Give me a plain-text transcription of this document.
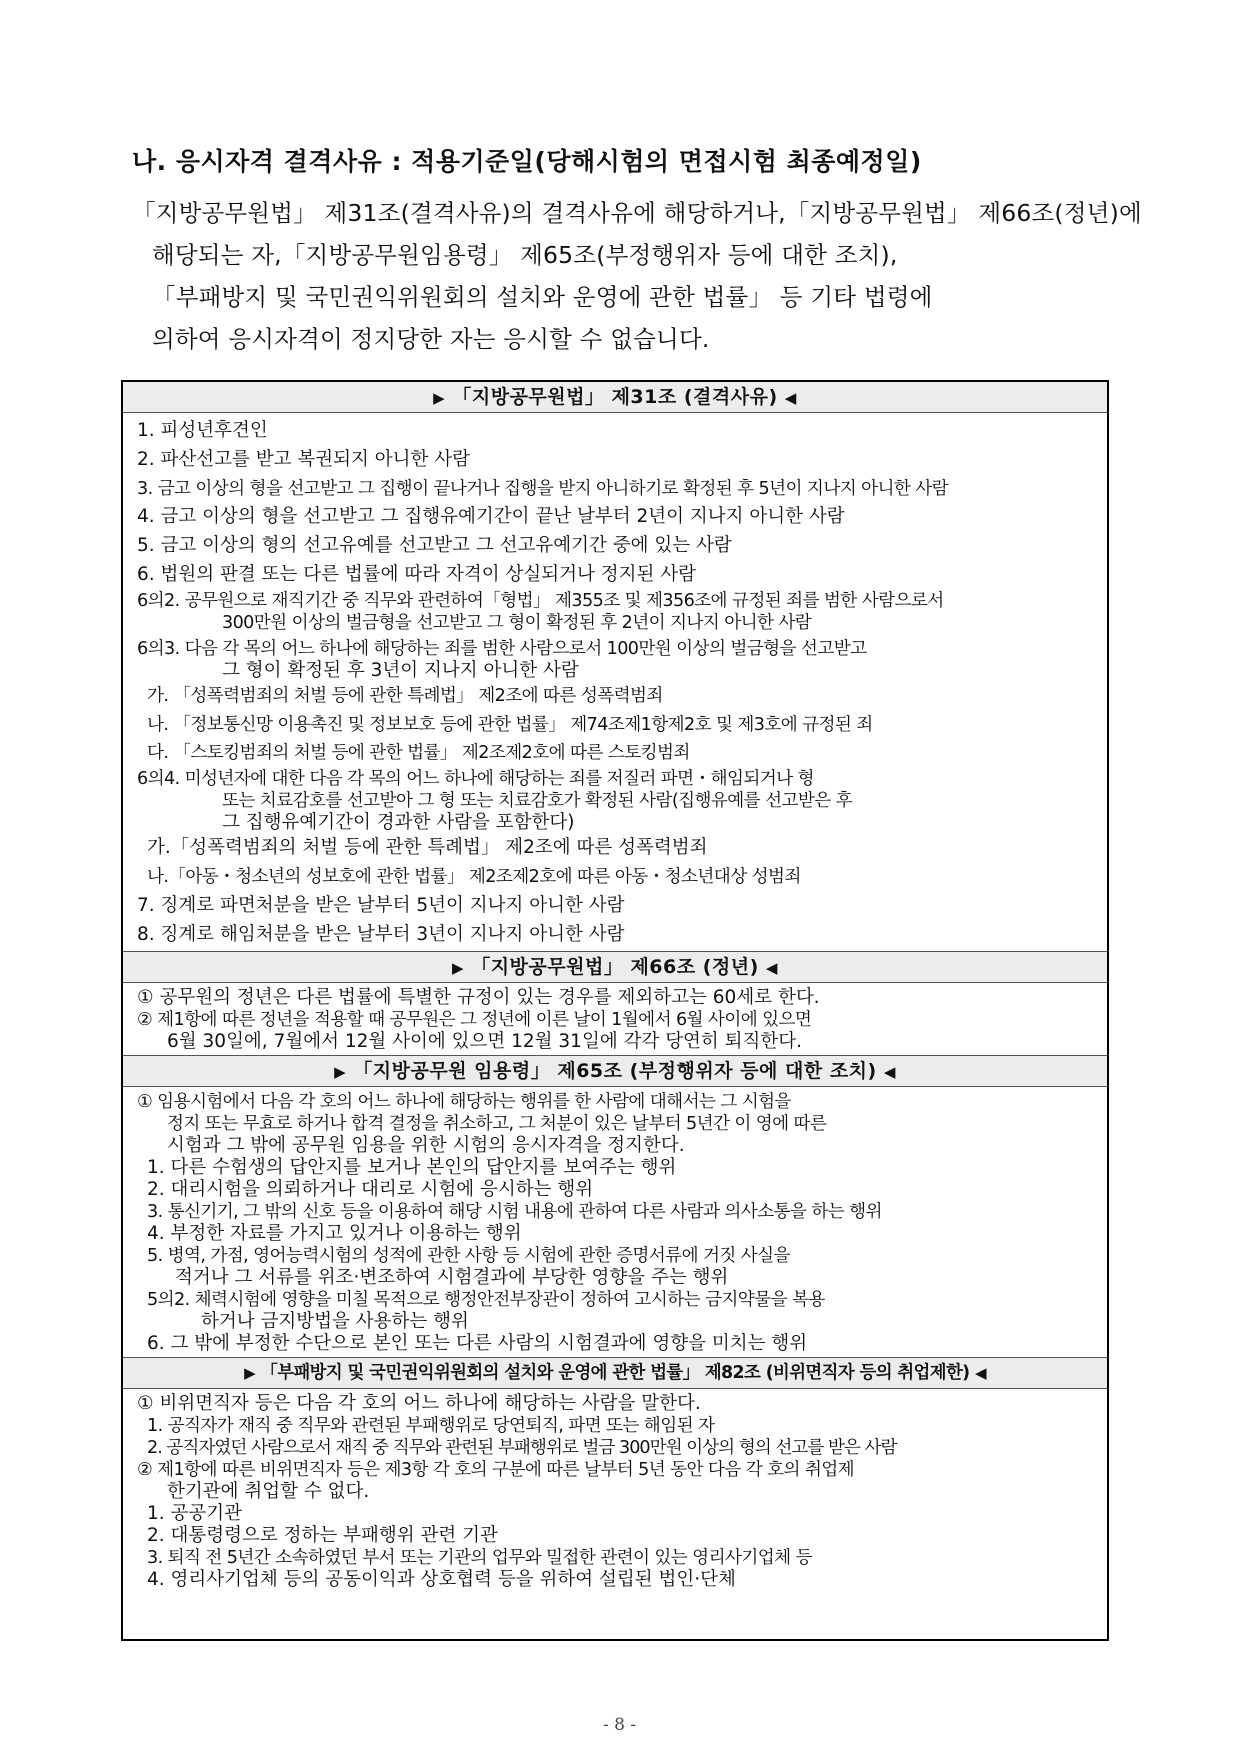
나. 응시자격 결격사유 : 적용기준일(당해시험의 면접시험 최종예정일)
「지방공무원법」 제31조(결격사유)의 결격사유에 해당하거나,「지방공무원법」 제66조(정년)에
해당되는 자,「지방공무원임용령」 제65조(부정행위자 등에 대한 조치),
「부패방지 및 국민권익위원회의 설치와 운영에 관한 법률」 등 기타 법령에
의하여 응시자격이 정지당한 자는 응시할 수 없습니다.
▶ 「지방공무원법」 제31조 (결격사유) ◀
1. 피성년후견인
2. 파산선고를 받고 복권되지 아니한 사람
3. 금고 이상의 형을 선고받고 그 집행이 끝나거나 집행을 받지 아니하기로 확정된 후 5년이 지나지 아니한 사람
4. 금고 이상의 형을 선고받고 그 집행유예기간이 끝난 날부터 2년이 지나지 아니한 사람
5. 금고 이상의 형의 선고유예를 선고받고 그 선고유예기간 중에 있는 사람
6. 법원의 판결 또는 다른 법률에 따라 자격이 상실되거나 정지된 사람
6의2. 공무원으로 재직기간 중 직무와 관련하여「형법」 제355조 및 제356조에 규정된 죄를 범한 사람으로서
300만원 이상의 벌금형을 선고받고 그 형이 확정된 후 2년이 지나지 아니한 사람
6의3. 다음 각 목의 어느 하나에 해당하는 죄를 범한 사람으로서 100만원 이상의 벌금형을 선고받고
그 형이 확정된 후 3년이 지나지 아니한 사람
가. 「성폭력범죄의 처벌 등에 관한 특례법」 제2조에 따른 성폭력범죄
나. 「정보통신망 이용촉진 및 정보보호 등에 관한 법률」 제74조제1항제2호 및 제3호에 규정된 죄
다. 「스토킹범죄의 처벌 등에 관한 법률」 제2조제2호에 따른 스토킹범죄
6의4. 미성년자에 대한 다음 각 목의 어느 하나에 해당하는 죄를 저질러 파면・해임되거나 형
또는 치료감호를 선고받아 그 형 또는 치료감호가 확정된 사람(집행유예를 선고받은 후
그 집행유예기간이 경과한 사람을 포함한다)
가.「성폭력범죄의 처벌 등에 관한 특례법」 제2조에 따른 성폭력범죄
나.「아동・청소년의 성보호에 관한 법률」 제2조제2호에 따른 아동・청소년대상 성범죄
7. 징계로 파면처분을 받은 날부터 5년이 지나지 아니한 사람
8. 징계로 해임처분을 받은 날부터 3년이 지나지 아니한 사람
▶ 「지방공무원법」 제66조 (정년) ◀
① 공무원의 정년은 다른 법률에 특별한 규정이 있는 경우를 제외하고는 60세로 한다.
② 제1항에 따른 정년을 적용할 때 공무원은 그 정년에 이른 날이 1월에서 6월 사이에 있으면
6월 30일에, 7월에서 12월 사이에 있으면 12월 31일에 각각 당연히 퇴직한다.
▶ 「지방공무원 임용령」 제65조 (부정행위자 등에 대한 조치) ◀
① 임용시험에서 다음 각 호의 어느 하나에 해당하는 행위를 한 사람에 대해서는 그 시험을
정지 또는 무효로 하거나 합격 결정을 취소하고, 그 처분이 있은 날부터 5년간 이 영에 따른
시험과 그 밖에 공무원 임용을 위한 시험의 응시자격을 정지한다.
1. 다른 수험생의 답안지를 보거나 본인의 답안지를 보여주는 행위
2. 대리시험을 의뢰하거나 대리로 시험에 응시하는 행위
3. 통신기기, 그 밖의 신호 등을 이용하여 해당 시험 내용에 관하여 다른 사람과 의사소통을 하는 행위
4. 부정한 자료를 가지고 있거나 이용하는 행위
5. 병역, 가점, 영어능력시험의 성적에 관한 사항 등 시험에 관한 증명서류에 거짓 사실을
적거나 그 서류를 위조·변조하여 시험결과에 부당한 영향을 주는 행위
5의2. 체력시험에 영향을 미칠 목적으로 행정안전부장관이 정하여 고시하는 금지약물을 복용
하거나 금지방법을 사용하는 행위
6. 그 밖에 부정한 수단으로 본인 또는 다른 사람의 시험결과에 영향을 미치는 행위
▶ 「부패방지 및 국민권익위원회의 설치와 운영에 관한 법률」 제82조 (비위면직자 등의 취업제한) ◀
① 비위면직자 등은 다음 각 호의 어느 하나에 해당하는 사람을 말한다.
1. 공직자가 재직 중 직무와 관련된 부패행위로 당연퇴직, 파면 또는 해임된 자
2. 공직자였던 사람으로서 재직 중 직무와 관련된 부패행위로 벌금 300만원 이상의 형의 선고를 받은 사람
② 제1항에 따른 비위면직자 등은 제3항 각 호의 구분에 따른 날부터 5년 동안 다음 각 호의 취업제
한기관에 취업할 수 없다.
1. 공공기관
2. 대통령령으로 정하는 부패행위 관련 기관
3. 퇴직 전 5년간 소속하였던 부서 또는 기관의 업무와 밀접한 관련이 있는 영리사기업체 등
4. 영리사기업체 등의 공동이익과 상호협력 등을 위하여 설립된 법인·단체
- 8 -
